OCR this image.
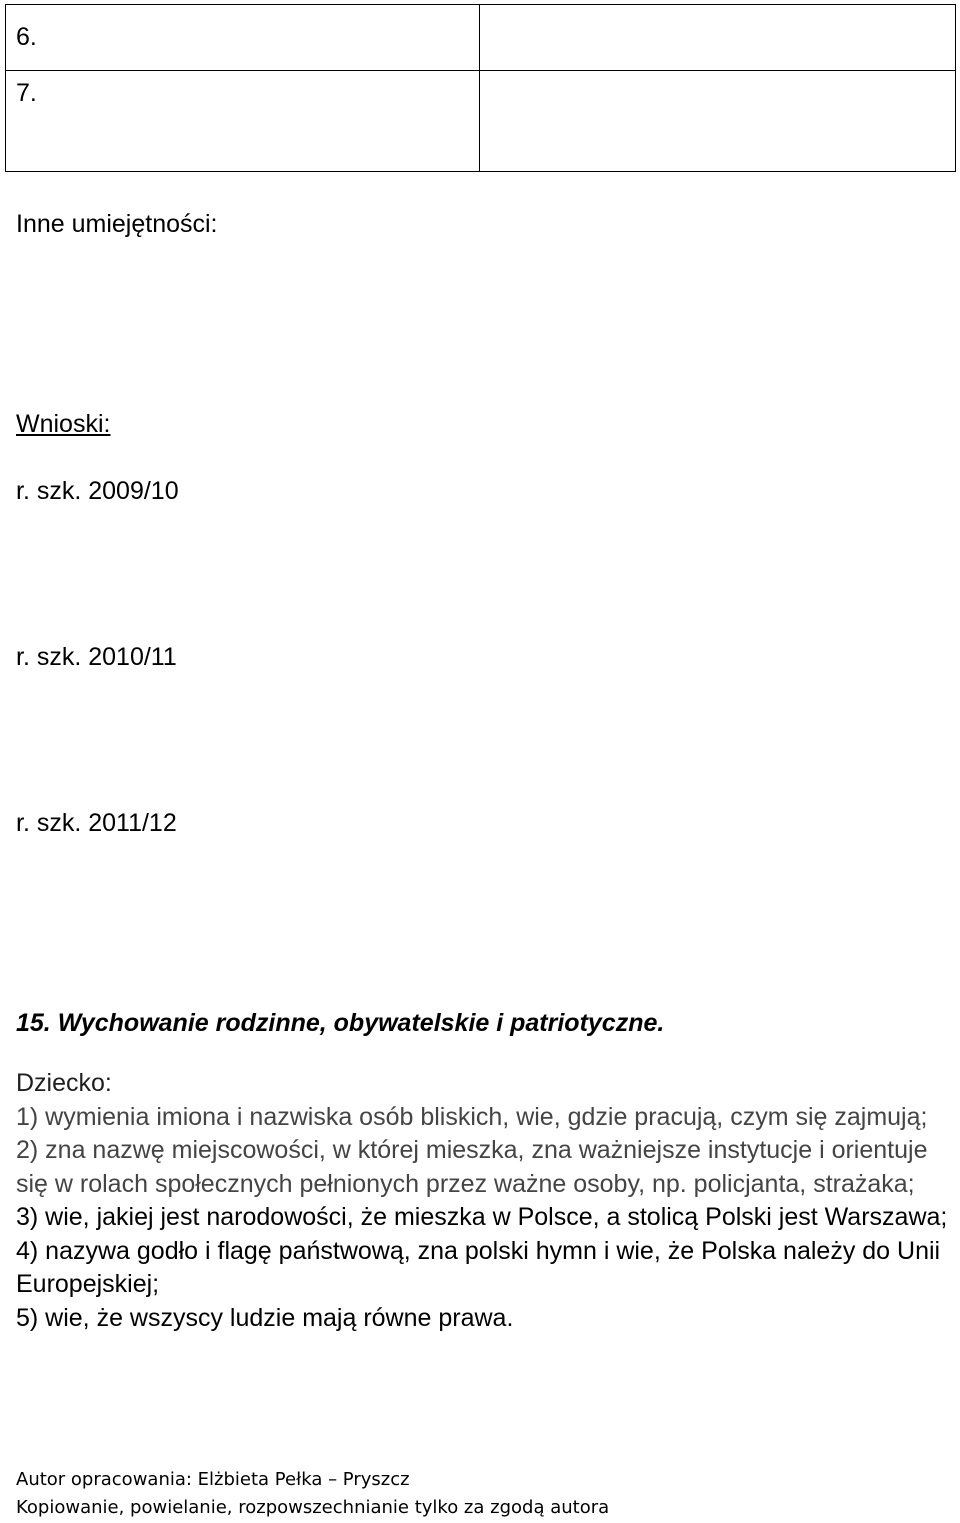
6.	
7.	
Inne umiejętności:
Wnioski:
r. szk. 2009/10
r. szk. 2010/11
r. szk. 2011/12
15. Wychowanie rodzinne, obywatelskie i patriotyczne.

Dziecko:

1) wymienia imiona i nazwiska osób bliskich, wie, gdzie pracują, czym się zajmują;

2) zna nazwę miejscowości, w której mieszka, zna ważniejsze instytucje i orientuje się w rolach społecznych pełnionych przez ważne osoby, np. policjanta, strażaka;

3) wie, jakiej jest narodowości, że mieszka w Polsce, a stolicą Polski jest Warszawa;

4) nazywa godło i flagę państwową, zna polski hymn i wie, że Polska należy do Unii Europejskiej;

5) wie, że wszyscy ludzie mają równe prawa.

Autor opracowania: Elżbieta Pełka – Pryszcz
Kopiowanie, powielanie, rozpowszechnianie tylko za zgodą autora
